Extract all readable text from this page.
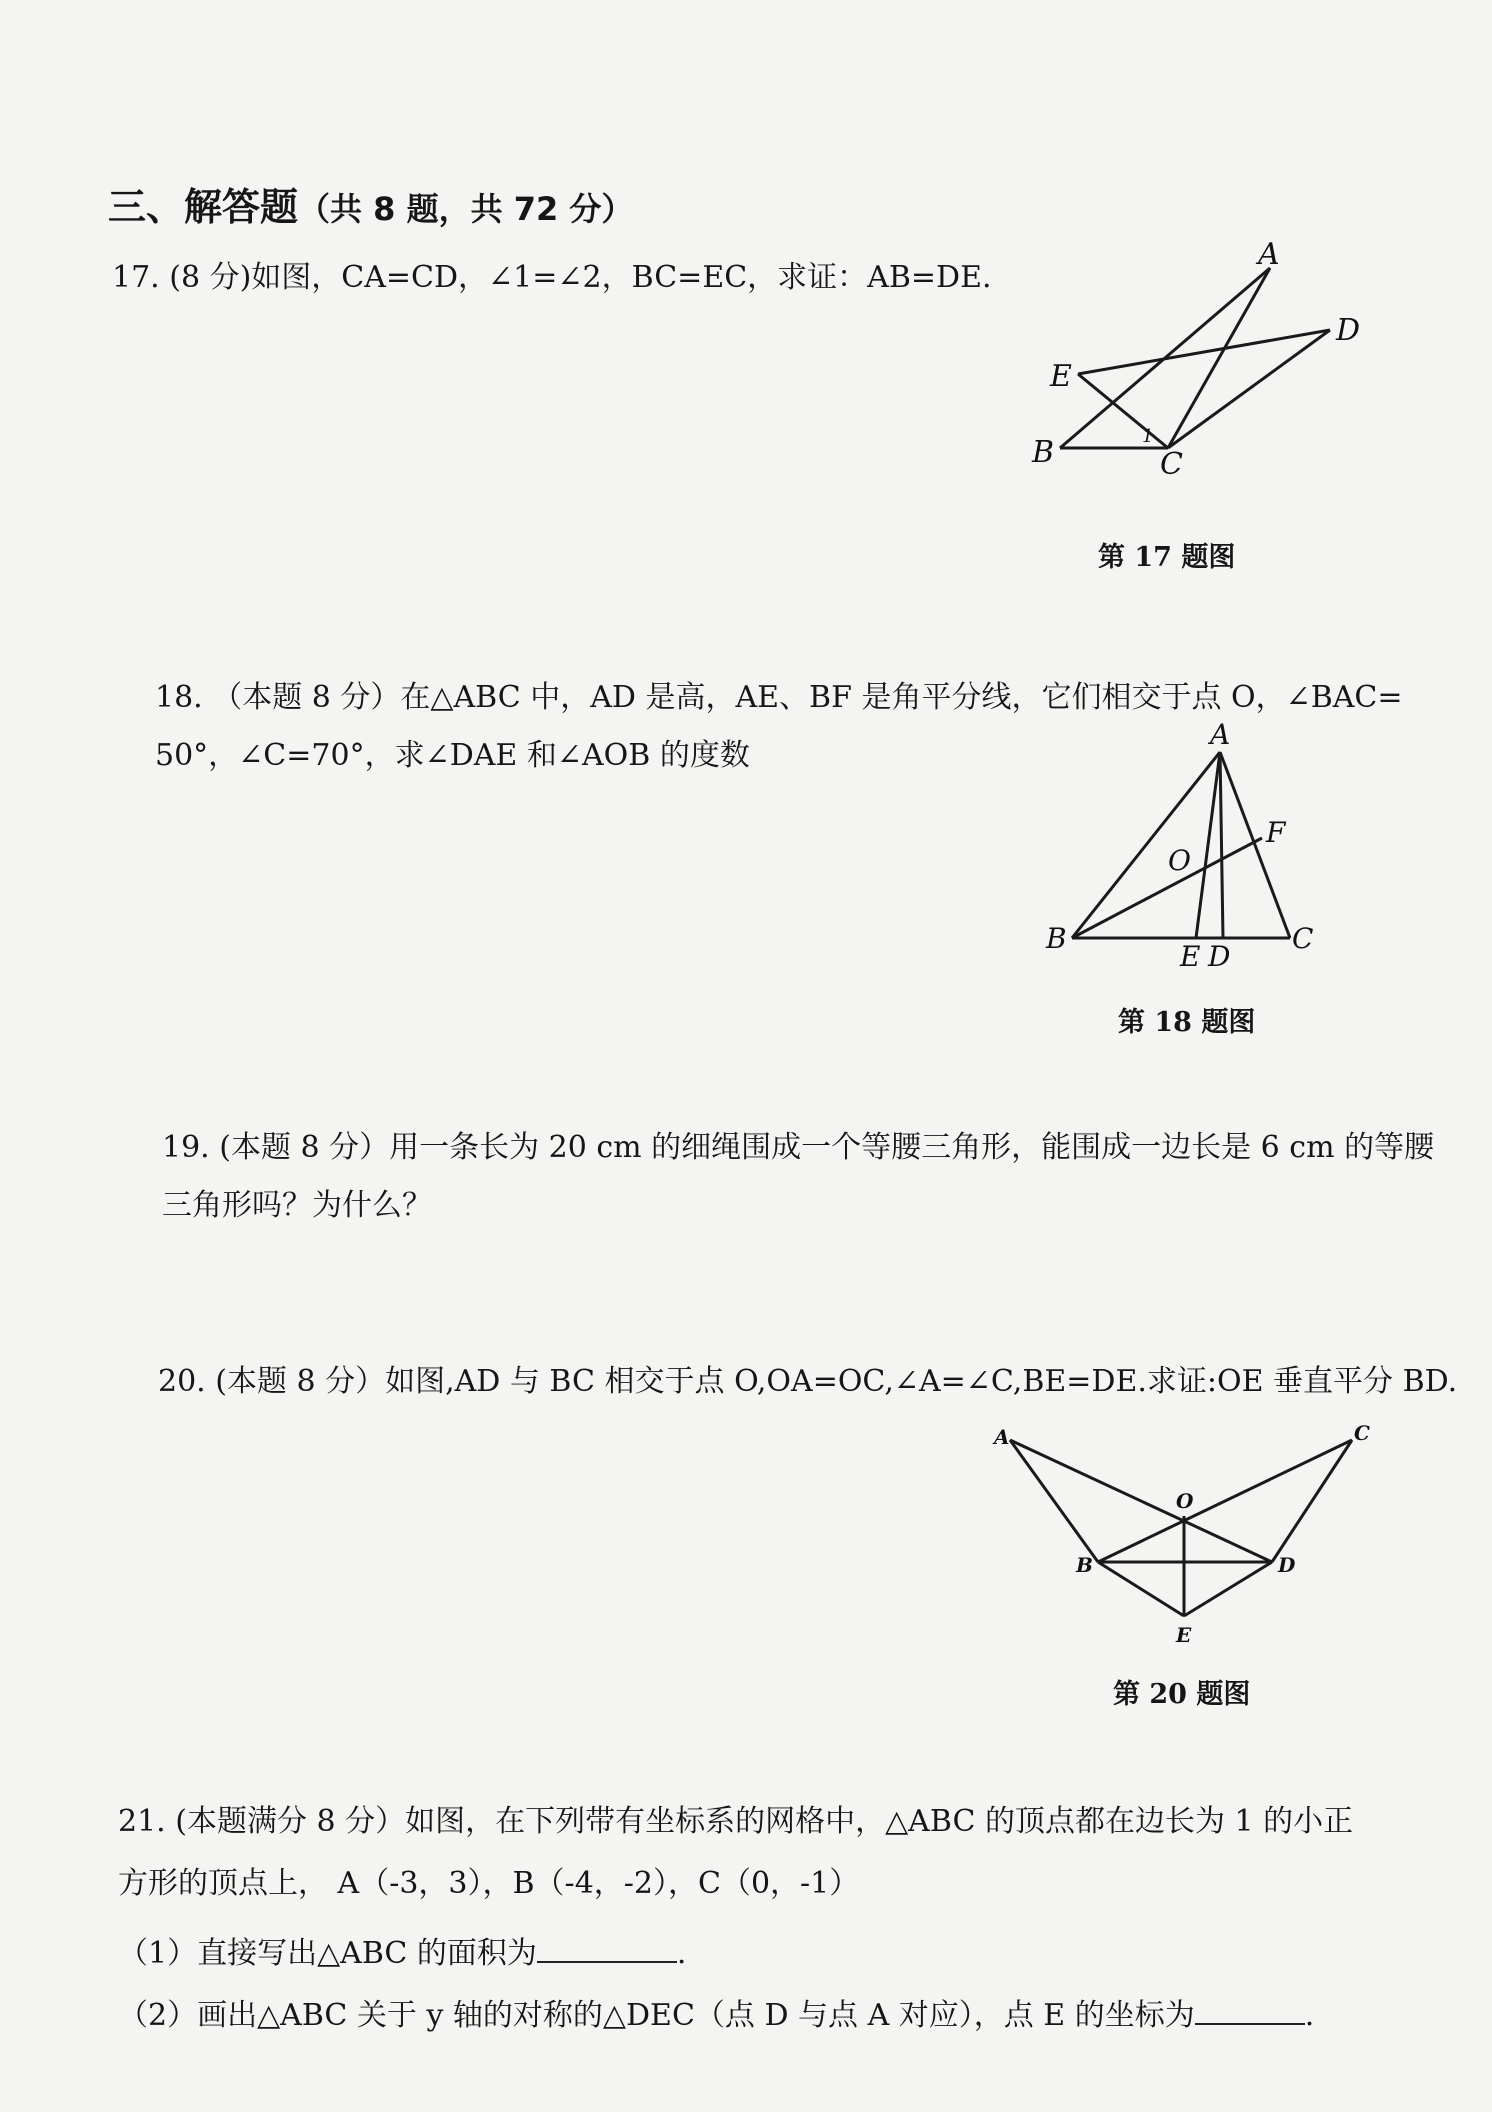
三、解答题（共 8 题，共 72 分）
17. (8 分)如图，CA=CD，∠1=∠2，BC=EC，求证：AB=DE.
A
D
E
B	C
1
第 17 题图
18. （本题 8 分）在△ABC 中，AD 是高，AE、BF 是角平分线，它们相交于点 O，∠BAC=
50°，∠C=70°，求∠DAE 和∠AOB 的度数
A
F
O
B
E D
C
第 18 题图
19. (本题 8 分）用一条长为 20 cm 的细绳围成一个等腰三角形，能围成一边长是 6 cm 的等腰
三角形吗？为什么？
20. (本题 8 分）如图,AD 与 BC 相交于点 O,OA=OC,∠A=∠C,BE=DE.求证:OE 垂直平分 BD.
A	C
O
B	D
E
第 20 题图
21. (本题满分 8 分）如图，在下列带有坐标系的网格中，△ABC 的顶点都在边长为 1 的小正
方形的顶点上， A（-3，3），B（-4，-2），C（0，-1）
（1）直接写出△ABC 的面积为	.
（2）画出△ABC 关于 y 轴的对称的△DEC（点 D 与点 A 对应），点 E 的坐标为	.
